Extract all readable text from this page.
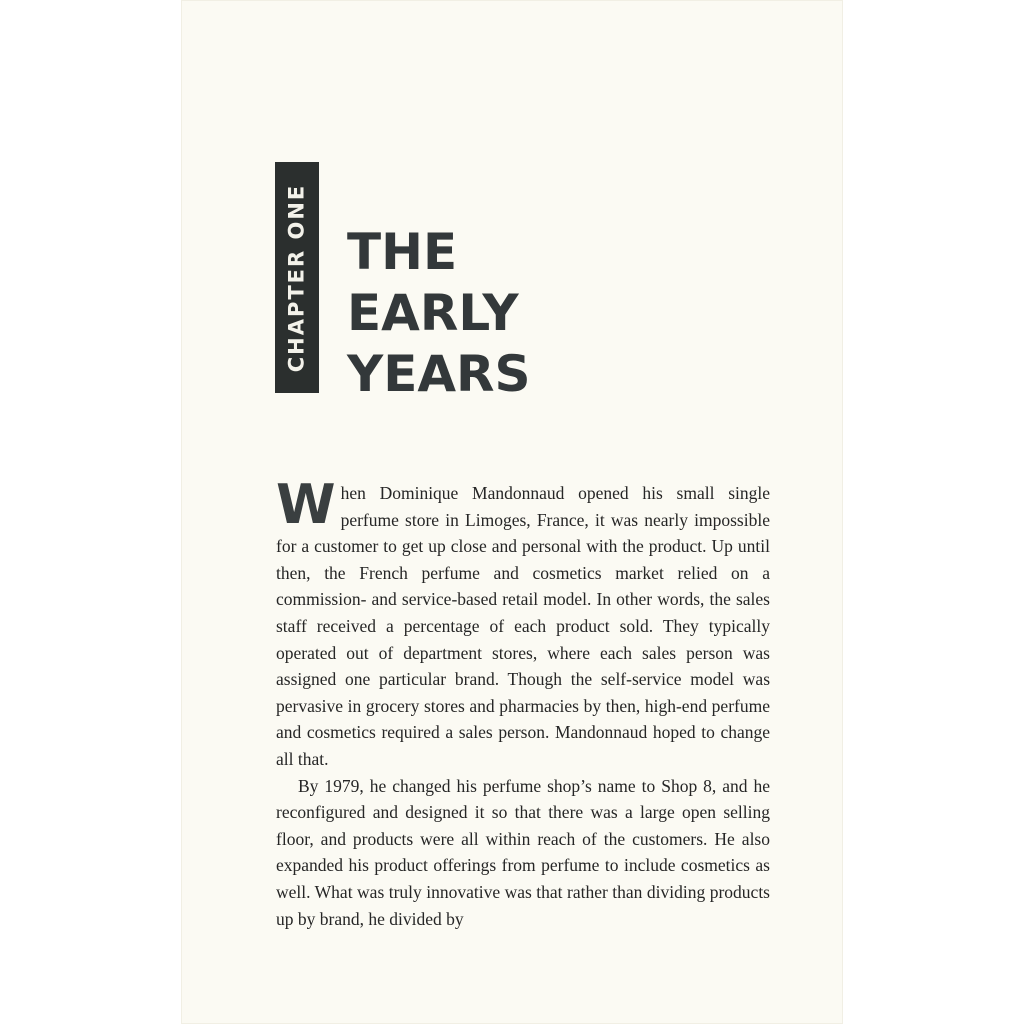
CHAPTER ONE THE
EARLY
YEARS

When Dominique Mandonnaud opened his small single perfume store in Limoges, France, it was nearly impossible for a customer to get up close and personal with the product. Up until then, the French perfume and cosmetics market relied on a commission- and service-based retail model. In other words, the sales staff received a percentage of each product sold. They typically operated out of department stores, where each sales person was assigned one particular brand. Though the self-service model was pervasive in grocery stores and pharmacies by then, high-end perfume and cosmetics required a sales person. Mandonnaud hoped to change all that.

By 1979, he changed his perfume shop’s name to Shop 8, and he reconfigured and designed it so that there was a large open selling floor, and products were all within reach of the customers. He also expanded his product offerings from perfume to include cosmetics as well. What was truly innovative was that rather than dividing products up by brand, he divided by
